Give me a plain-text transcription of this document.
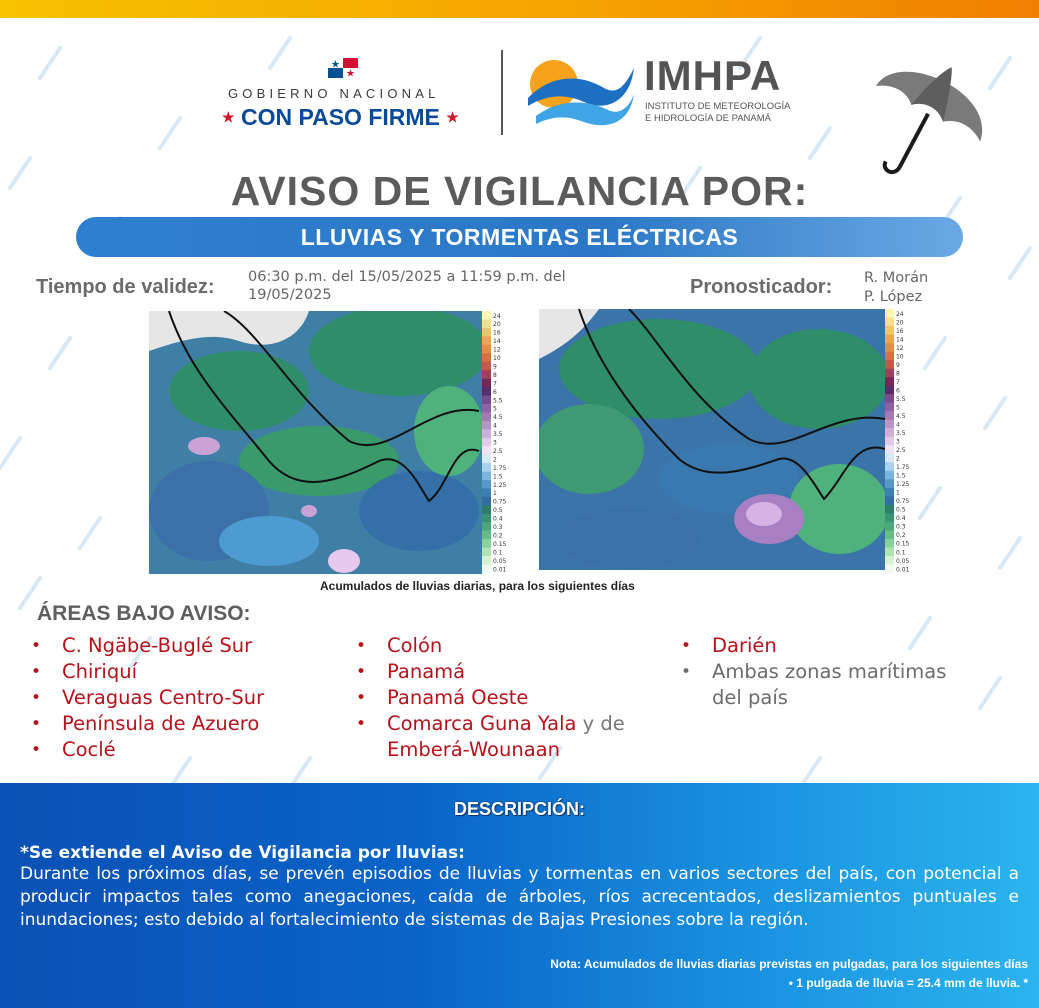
GOBIERNO NACIONAL
★ CON PASO FIRME ★
IMHPA
INSTITUTO DE METEOROLOGÍA
E HIDROLOGÍA DE PANAMÁ
AVISO DE VIGILANCIA POR:
LLUVIAS Y TORMENTAS ELÉCTRICAS
Tiempo de validez: 06:30 p.m. del 15/05/2025 a 11:59 p.m. del 19/05/2025	Pronosticador: R. Morán
P. López
24
20
16
14
12
10
9
8
7
6
5.5
5
4.5
4
3.5
3
2.5
2
1.75
1.5
1.25
1
0.75
0.5
0.4
0.3
0.2
0.15
0.1
0.05
0.01
24
20
16
14
12
10
9
8
7
6
5.5
5
4.5
4
3.5
3
2.5
2
1.75
1.5
1.25
1
0.75
0.5
0.4
0.3
0.2
0.15
0.1
0.05
0.01
Acumulados de lluvias diarias, para los siguientes días
ÁREAS BAJO AVISO:
• C. Ngäbe-Buglé Sur
• Chiriquí
• Veraguas Centro-Sur
• Península de Azuero
• Coclé
• Colón
• Panamá
• Panamá Oeste
• Comarca Guna Yala y de
Emberá-Wounaan
• Darién
• Ambas zonas marítimas
del país
DESCRIPCIÓN:
*Se extiende el Aviso de Vigilancia por lluvias:
Durante los próximos días, se prevén episodios de lluvias y tormentas en varios sectores del país, con potencial a producir impactos tales como anegaciones, caída de árboles, ríos acrecentados, deslizamientos puntuales e inundaciones; esto debido al fortalecimiento de sistemas de Bajas Presiones sobre la región.
Nota: Acumulados de lluvias diarias previstas en pulgadas, para los siguientes días
• 1 pulgada de lluvia = 25.4 mm de lluvia. *
